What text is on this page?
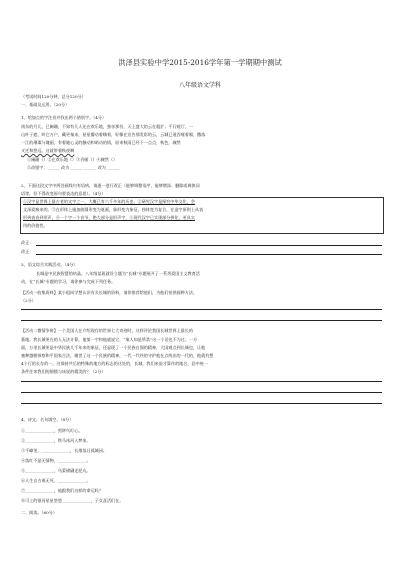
洪泽县实验中学2015-2016学年第一学期期中测试
八年级语文学科
（考试时间120分钟，总分120分）
一、基础及运用。（20分）
1、给加点的字注音并找出两个错别字。（4分）
南东的月儿，已阑珊，不知有几人还在欢乐地，独享那份，天上盛大的云在粗犷；千行观厅，一
山叶子遮，叫它万户，藏更秦来，星星瓣动着嗨着，好像在宣告那发彩的云，云城已道吞噬着厢，撒落
一江的璀璨与瑰丽，有着她心灵的触动和萌动的情，原来秋雨已经下一点点，秋色，骤然
又迁和悠远，这就带着秋夜啊
①阑珊（）②在欢乐地（）③吞噬（）④骤然（）
⑤改错字：______ 改为 ______ ______ 改为 ______
2、下面这段文字中两处画线句有语病，请逐一进行改正（能够调整语序，能够增添、删除或调换词
语等，但不得改变原句要表达的意思）。（4分）
①汉字是世界上最古老的文字之一，大概已有六千多年的历史。②研究汉字是探究中华文化，会
文深爱痴来的。③在形体上施加曲圆形变为笔画，象形变为象征，独体变为复合，在造字原则上从表
形到表音到形声，④一个字一个音节，绝大部分是形声字，⑤现代汉字已实现部分拼化，更具实
用的价值性。
改正：
改正：
3、语文综合实践活动。（4分）
长城是中民族智慧的结晶。八年级某班就设立题为“长城”专题展开了一系列爱国主义教育活
动，在“长城”专题的学习，请你参与完成下列任务。
【活动一收集资料】某小组同学想认识有关长城的资料，请你推荐给他们，为他们拍供画种方法。
（2分）
【活动二微情争辩】一个美国人在介绍现存的世界七大奇迹时，这样评论我国长城世界上最长的
墓地。我长城更在的人无法计算，他第一字和他就说它，“秦人知是所杀”这一个话也不为过。一方
面，万里长城更是中华民族几千年来的象征，还显现了一个民族自强的精神，大国观点到长城也，让他
塞种越朝探察和平国家合法，谢誉了这一个民族的精神，一代一代经的守护他在点线出的一代的，他就有想
4个行的长存的一。这保持共后的特殊的地方的标志的这处的，长城，我们来说才算作的地名，恐中统一
条件住来我们的细镜与该说的精美的？（2分）
4、诗文、名句填空。（8分）
①______________，煎饼鸟叮心。
②______________，铁马冰河入梦来。
③千嶂里，______________，长烟落日孤城闭。
④落红不是无情物，______________。
⑤______________，乌蒙磅礴走泥丸。
⑥人生自古谁无死，______________。
⑦______________，他跟我们这样的命运吗？
⑧可上的银河星星悠悠______________，子女喜活们在。
二、阅读。（60分）
